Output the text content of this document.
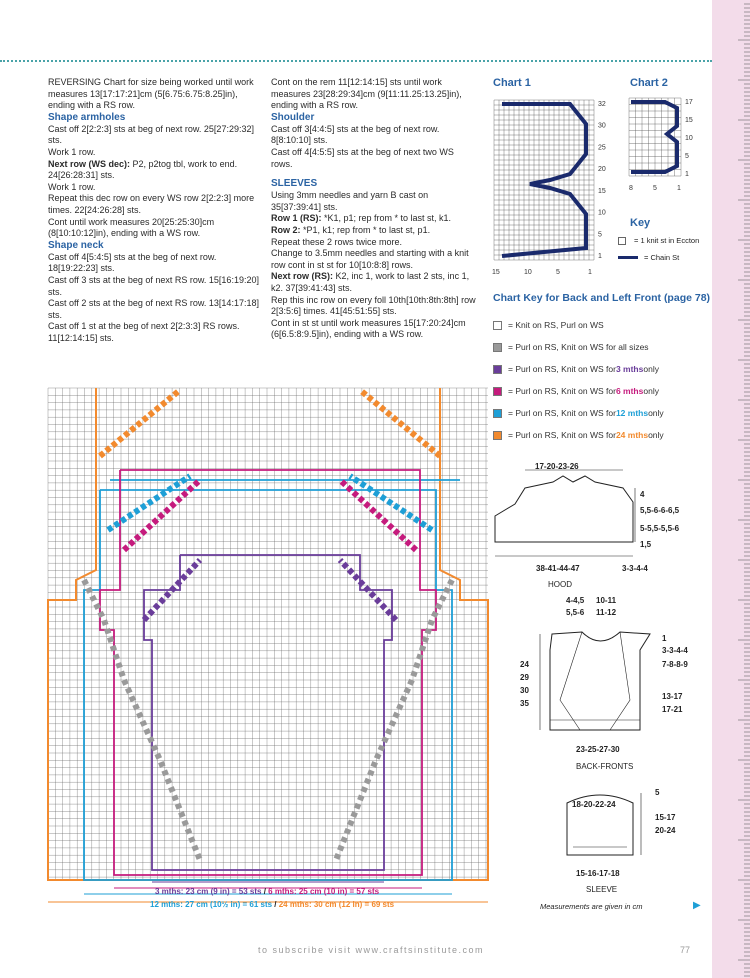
REVERSING Chart for size being worked until work measures 13[17:17:21]cm (5[6.75:6.75:8.25]in), ending with a RS row.

Shape armholes

Cast off 2[2:2:3] sts at beg of next row. 25[27:29:32] sts.

Work 1 row.

Next row (WS dec): P2, p2tog tbl, work to end. 24[26:28:31] sts.

Work 1 row.

Repeat this dec row on every WS row 2[2:2:3] more times. 22[24:26:28] sts.

Cont until work measures 20[25:25:30]cm (8[10:10:12]in), ending with a WS row.

Shape neck

Cast off 4[5:4:5] sts at the beg of next row. 18[19:22:23] sts.

Cast off 3 sts at the beg of next RS row. 15[16:19:20] sts.

Cast off 2 sts at the beg of next RS row. 13[14:17:18] sts.

Cast off 1 st at the beg of next 2[2:3:3] RS rows. 11[12:14:15] sts.

Cont on the rem 11[12:14:15] sts until work measures 23[28:29:34]cm (9[11:11.25:13.25]in), ending with a RS row.

Shoulder

Cast off 3[4:4:5] sts at the beg of next row. 8[8:10:10] sts.

Cast off 4[4:5:5] sts at the beg of next two WS rows.

SLEEVES

Using 3mm needles and yarn B cast on 35[37:39:41] sts.

Row 1 (RS): *K1, p1; rep from * to last st, k1.

Row 2: *P1, k1; rep from * to last st, p1.

Repeat these 2 rows twice more.

Change to 3.5mm needles and starting with a knit row cont in st st for 10[10:8:8] rows.

Next row (RS): K2, inc 1, work to last 2 sts, inc 1, k2. 37[39:41:43] sts.

Rep this inc row on every foll 10th[10th:8th:8th] row 2[3:5:6] times. 41[45:51:55] sts.

Cont in st st until work measures 15[17:20:24]cm (6[6.5:8:9.5]in), ending with a WS row.

Chart 1
32
30
25
20
15
10
5
1
15	10	5	1
Chart 2
17
15
10
5
1
8	5	1
Key
= 1 knit st in Eccton
= Chain St
Chart Key for Back and Left Front (page 78)
= Knit on RS, Purl on WS
= Purl on RS, Knit on WS for all sizes
= Purl on RS, Knit on WS for 3 mths only
= Purl on RS, Knit on WS for 6 mths only
= Purl on RS, Knit on WS for 12 mths only
= Purl on RS, Knit on WS for 24 mths only
17-20-23-26
4
5,5-6-6-6,5
5-5,5-5,5-6
1,5
38-41-44-47	3-3-4-4
HOOD
4-4,5 10-11
5,5-6 11-12
1
3-3-4-4
7-8-8-9
13-17
17-21
24
29
30
35
23-25-27-30
BACK-FRONTS
18-20-22-24
5
15-17
20-24
15-16-17-18
SLEEVE
Measurements are given in cm	▶
3 mths: 23 cm (9 in) = 53 sts / 6 mths: 25 cm (10 in) = 57 sts
12 mths: 27 cm (10½ in) = 61 sts / 24 mths: 30 cm (12 in) = 69 sts
to subscribe visit www.craftsinstitute.com	77
